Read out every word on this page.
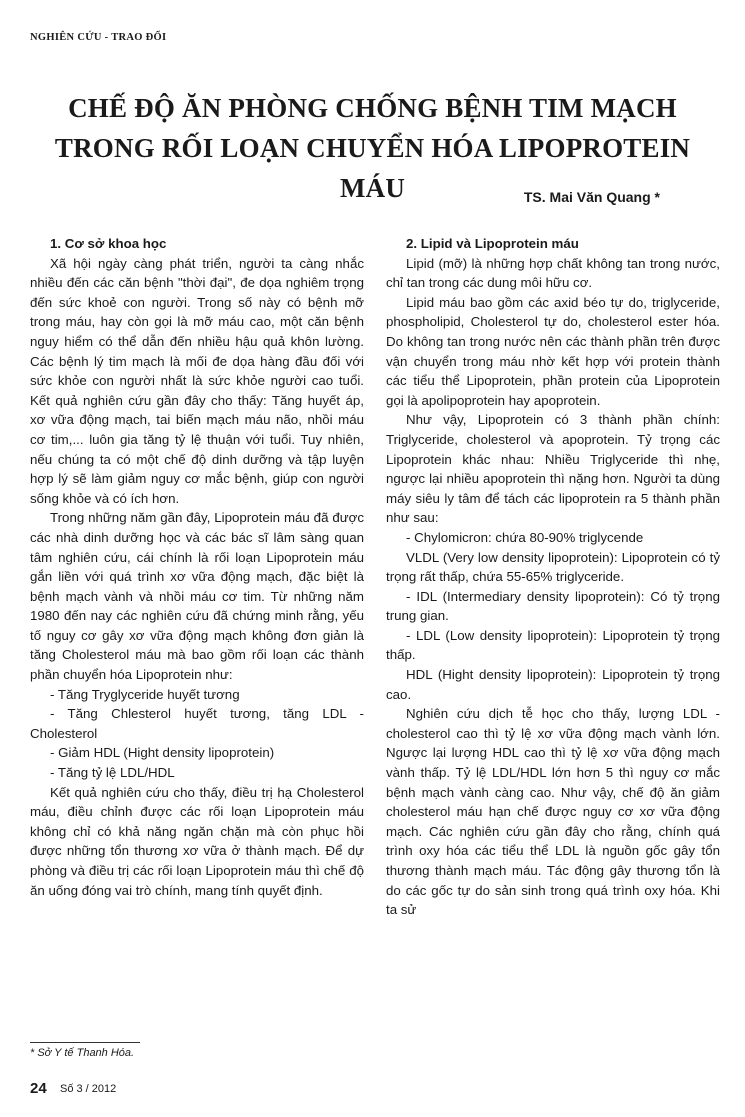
NGHIÊN CỨU - TRAO ĐỔI
CHẾ ĐỘ ĂN PHÒNG CHỐNG BỆNH TIM MẠCH
TRONG RỐI LOẠN CHUYỂN HÓA LIPOPROTEIN MÁU	TS. Mai Văn Quang *

1. Cơ sở khoa học

Xã hội ngày càng phát triển, người ta càng nhắc nhiều đến các căn bệnh "thời đại", đe dọa nghiêm trọng đến sức khoẻ con người. Trong số này có bệnh mỡ trong máu, hay còn gọi là mỡ máu cao, một căn bệnh nguy hiểm có thể dẫn đến nhiều hậu quả khôn lường. Các bệnh lý tim mạch là mối đe dọa hàng đầu đối với sức khỏe con người nhất là sức khỏe người cao tuổi. Kết quả nghiên cứu gần đây cho thấy: Tăng huyết áp, xơ vữa động mạch, tai biến mạch máu não, nhồi máu cơ tim,... luôn gia tăng tỷ lệ thuận với tuổi. Tuy nhiên, nếu chúng ta có một chế độ dinh dưỡng và tập luyện hợp lý sẽ làm giảm nguy cơ mắc bệnh, giúp con người sống khỏe và có ích hơn.

Trong những năm gần đây, Lipoprotein máu đã được các nhà dinh dưỡng học và các bác sĩ lâm sàng quan tâm nghiên cứu, cái chính là rối loạn Lipoprotein máu gắn liền với quá trình xơ vữa động mạch, đặc biệt là bệnh mạch vành và nhồi máu cơ tim. Từ những năm 1980 đến nay các nghiên cứu đã chứng minh rằng, yếu tố nguy cơ gây xơ vữa động mạch không đơn giản là tăng Cholesterol máu mà bao gồm rối loạn các thành phần chuyển hóa Lipoprotein như:

- Tăng Tryglyceride huyết tương

- Tăng Chlesterol huyết tương, tăng LDL - Cholesterol

- Giảm HDL (Hight density lipoprotein)

- Tăng tỷ lệ LDL/HDL

Kết quả nghiên cứu cho thấy, điều trị hạ Cholesterol máu, điều chỉnh được các rối loạn Lipoprotein máu không chỉ có khả năng ngăn chặn mà còn phục hồi được những tổn thương xơ vữa ở thành mạch. Để dự phòng và điều trị các rối loạn Lipoprotein máu thì chế độ ăn uống đóng vai trò chính, mang tính quyết định.

2. Lipid và Lipoprotein máu

Lipid (mỡ) là những hợp chất không tan trong nước, chỉ tan trong các dung môi hữu cơ.

Lipid máu bao gồm các axid béo tự do, triglyceride, phospholipid, Cholesterol tự do, cholesterol ester hóa. Do không tan trong nước nên các thành phần trên được vận chuyển trong máu nhờ kết hợp với protein thành các tiểu thể Lipoprotein, phần protein của Lipoprotein gọi là apolipoprotein hay apoprotein.

Như vậy, Lipoprotein có 3 thành phần chính: Triglyceride, cholesterol và apoprotein. Tỷ trọng các Lipoprotein khác nhau: Nhiều Triglyceride thì nhẹ, ngược lại nhiều apoprotein thì nặng hơn. Người ta dùng máy siêu ly tâm để tách các lipoprotein ra 5 thành phần như sau:

- Chylomicron: chứa 80-90% triglycende

VLDL (Very low density lipoprotein): Lipoprotein có tỷ trọng rất thấp, chứa 55-65% triglyceride.

- IDL (Intermediary density lipoprotein): Có tỷ trọng trung gian.

- LDL (Low density lipoprotein): Lipoprotein tỷ trọng thấp.

HDL (Hight density lipoprotein): Lipoprotein tỷ trọng cao.

Nghiên cứu dịch tễ học cho thấy, lượng LDL - cholesterol cao thì tỷ lệ xơ vữa động mạch vành lớn. Ngược lại lượng HDL cao thì tỷ lệ xơ vữa động mạch vành thấp. Tỷ lệ LDL/HDL lớn hơn 5 thì nguy cơ mắc bệnh mạch vành càng cao. Như vậy, chế độ ăn giảm cholesterol máu hạn chế được nguy cơ xơ vữa động mạch. Các nghiên cứu gần đây cho rằng, chính quá trình oxy hóa các tiểu thể LDL là nguồn gốc gây tổn thương thành mạch máu. Tác động gây thương tổn là do các gốc tự do sản sinh trong quá trình oxy hóa. Khi ta sử

* Sở Y tế Thanh Hóa.
24 Số 3 / 2012
